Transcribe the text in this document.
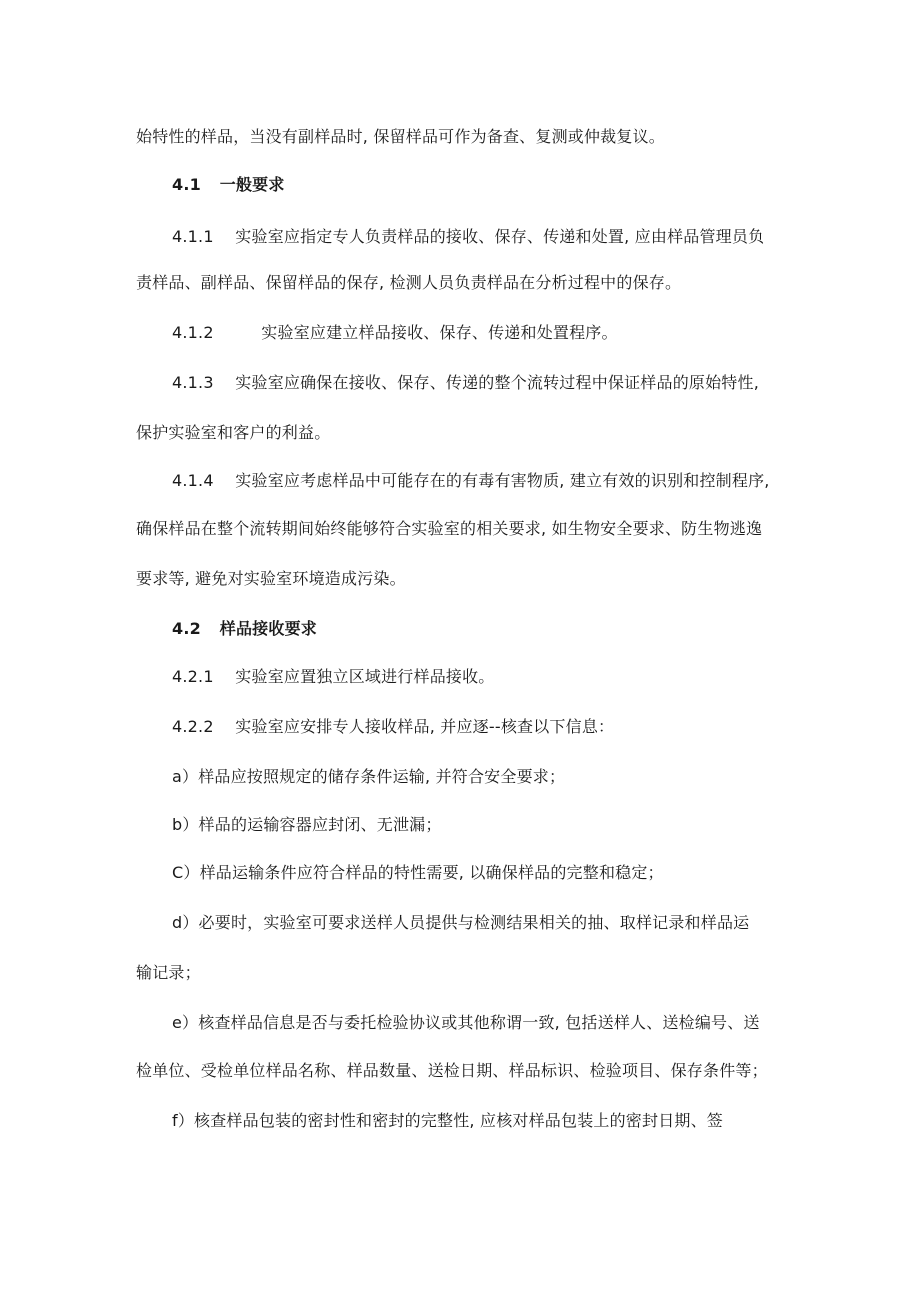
始特性的样品，当没有副样品时, 保留样品可作为备查、复测或仲裁复议。
4.1 一般要求
4.1.1 实验室应指定专人负责样品的接收、保存、传递和处置, 应由样品管理员负
责样品、副样品、保留样品的保存, 检测人员负责样品在分析过程中的保存。
4.1.2	实验室应建立样品接收、保存、传递和处置程序。
4.1.3 实验室应确保在接收、保存、传递的整个流转过程中保证样品的原始特性,
保护实验室和客户的利益。
4.1.4 实验室应考虑样品中可能存在的有毒有害物质, 建立有效的识别和控制程序,
确保样品在整个流转期间始终能够符合实验室的相关要求, 如生物安全要求、防生物逃逸
要求等, 避免对实验室环境造成污染。
4.2 样品接收要求
4.2.1 实验室应置独立区域进行样品接收。
4.2.2 实验室应安排专人接收样品, 并应逐--核查以下信息：
a）样品应按照规定的储存条件运输, 并符合安全要求；
b）样品的运输容器应封闭、无泄漏；
C）样品运输条件应符合样品的特性需要, 以确保样品的完整和稳定；
d）必要时，实验室可要求送样人员提供与检测结果相关的抽、取样记录和样品运
输记录；
e）核查样品信息是否与委托检验协议或其他称谓一致, 包括送样人、送检编号、送
检单位、受检单位样品名称、样品数量、送检日期、样品标识、检验项目、保存条件等；
f）核查样品包装的密封性和密封的完整性, 应核对样品包装上的密封日期、签
